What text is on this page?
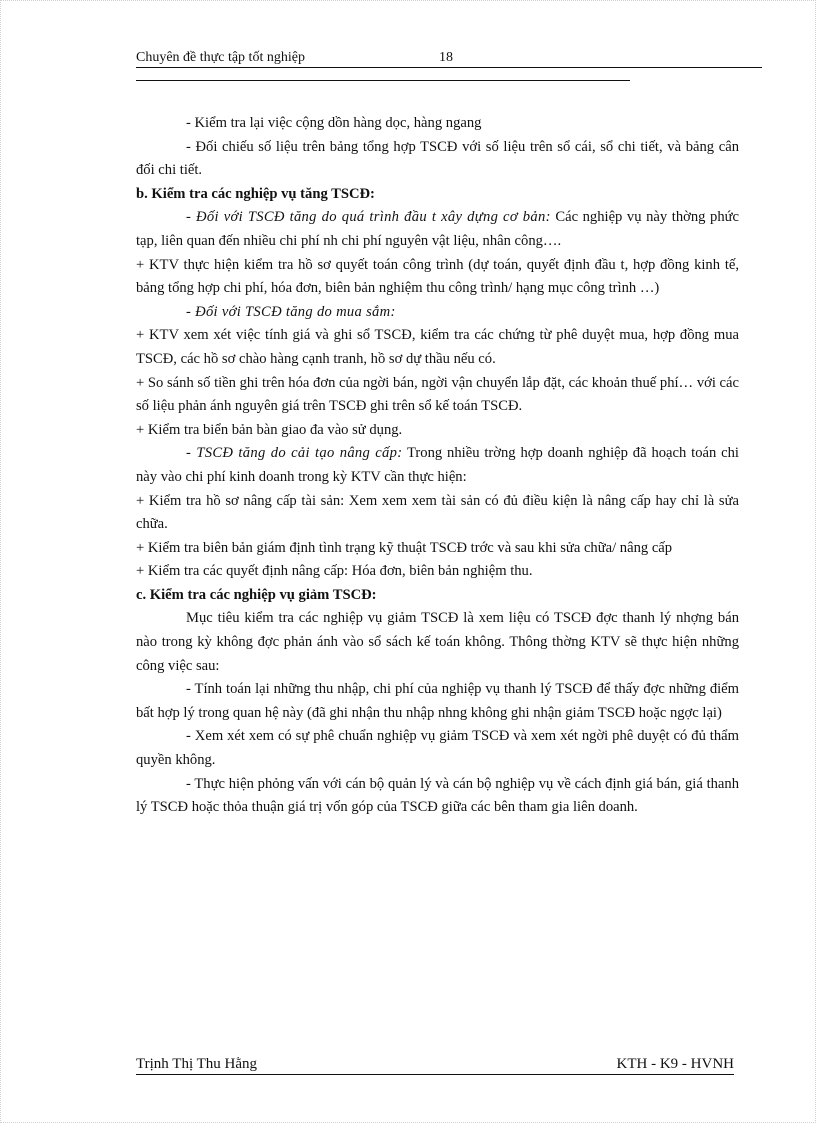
Chuyên đề thực tập tốt nghiệp	18

- Kiểm tra lại việc cộng dồn hàng dọc, hàng ngang

- Đối chiếu số liệu trên bảng tổng hợp TSCĐ với số liệu trên sổ cái, sổ chi tiết, và bảng cân đối chi tiết.

b. Kiểm tra các nghiệp vụ tăng TSCĐ:

- Đối với TSCĐ tăng do quá trình đầu t xây dựng cơ bản: Các nghiệp vụ này thờng phức tạp, liên quan đến nhiều chi phí nh chi phí nguyên vật liệu, nhân công….

+ KTV thực hiện kiểm tra hồ sơ quyết toán công trình (dự toán, quyết định đầu t, hợp đồng kinh tế, bảng tổng hợp chi phí, hóa đơn, biên bản nghiệm thu công trình/ hạng mục công trình …)

- Đối với TSCĐ tăng do mua sắm:

+ KTV xem xét việc tính giá và ghi sổ TSCĐ, kiểm tra các chứng từ phê duyệt mua, hợp đồng mua TSCĐ, các hồ sơ chào hàng cạnh tranh, hồ sơ dự thầu nếu có.

+ So sánh số tiền ghi trên hóa đơn của ngời bán, ngời vận chuyển lắp đặt, các khoản thuế phí… với các số liệu phản ánh nguyên giá trên TSCĐ ghi trên sổ kế toán TSCĐ.

+ Kiểm tra biển bản bàn giao đa vào sử dụng.

- TSCĐ tăng do cải tạo nâng cấp: Trong nhiều trờng hợp doanh nghiệp đã hoạch toán chi này vào chi phí kinh doanh trong kỳ KTV cần thực hiện:

+ Kiểm tra hồ sơ nâng cấp tài sản: Xem xem xem tài sản có đủ điều kiện là nâng cấp hay chỉ là sửa chữa.

+ Kiểm tra biên bản giám định tình trạng kỹ thuật TSCĐ trớc và sau khi sửa chữa/ nâng cấp

+ Kiểm tra các quyết định nâng cấp: Hóa đơn, biên bản nghiệm thu.

c. Kiểm tra các nghiệp vụ giảm TSCĐ:

Mục tiêu kiểm tra các nghiệp vụ giảm TSCĐ là xem liệu có TSCĐ đợc thanh lý nhợng bán nào trong kỳ không đợc phản ánh vào sổ sách kế toán không. Thông thờng KTV sẽ thực hiện những công việc sau:

- Tính toán lại những thu nhập, chi phí của nghiệp vụ thanh lý TSCĐ để thấy đợc những điểm bất hợp lý trong quan hệ này (đã ghi nhận thu nhập nhng không ghi nhận giảm TSCĐ hoặc ngợc lại)

- Xem xét xem có sự phê chuẩn nghiệp vụ giảm TSCĐ và xem xét ngời phê duyệt có đủ thẩm quyền không.

- Thực hiện phỏng vấn với cán bộ quản lý và cán bộ nghiệp vụ về cách định giá bán, giá thanh lý TSCĐ hoặc thỏa thuận giá trị vốn góp của TSCĐ giữa các bên tham gia liên doanh.

Trịnh Thị Thu Hằng	KTH - K9 - HVNH
